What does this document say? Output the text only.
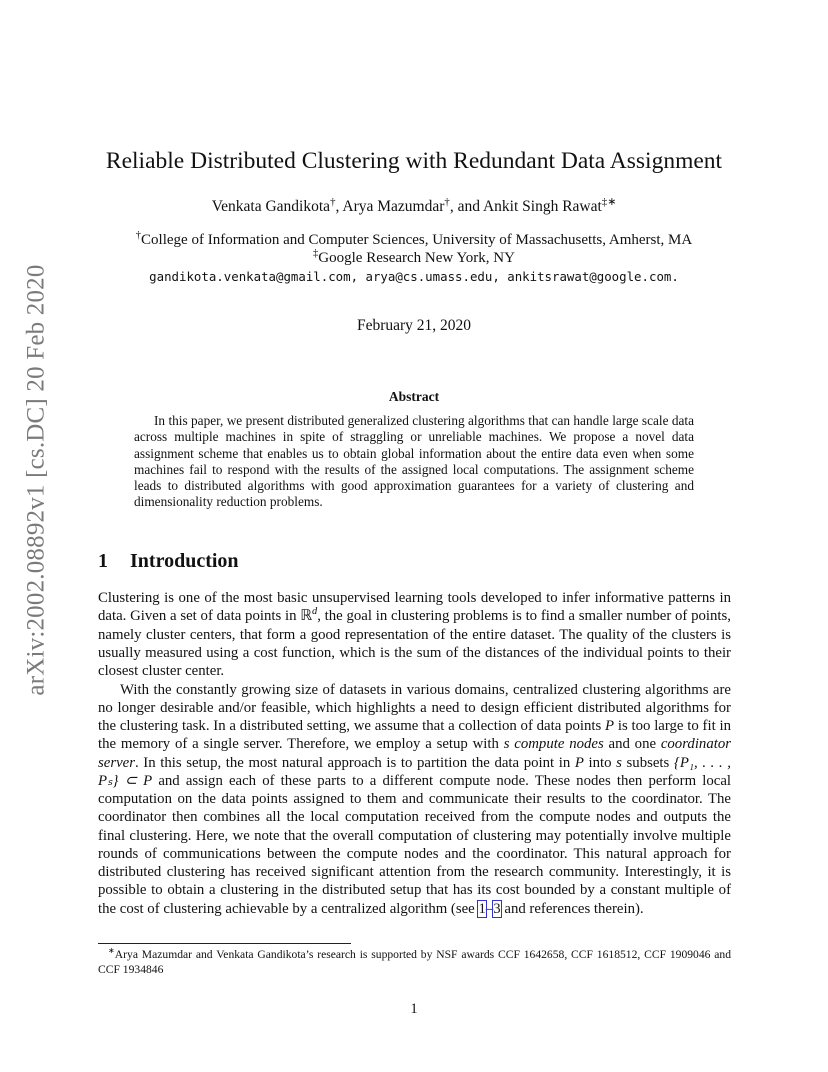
arXiv:2002.08892v1 [cs.DC] 20 Feb 2020
Reliable Distributed Clustering with Redundant Data Assignment
Venkata Gandikota†, Arya Mazumdar†, and Ankit Singh Rawat‡∗
†College of Information and Computer Sciences, University of Massachusetts, Amherst, MA
‡Google Research New York, NY
gandikota.venkata@gmail.com, arya@cs.umass.edu, ankitsrawat@google.com.
February 21, 2020
Abstract
In this paper, we present distributed generalized clustering algorithms that can handle large scale data across multiple machines in spite of straggling or unreliable machines. We propose a novel data assignment scheme that enables us to obtain global information about the entire data even when some machines fail to respond with the results of the assigned local computations. The assignment scheme leads to distributed algorithms with good approximation guarantees for a variety of clustering and dimensionality reduction problems.
1 Introduction
Clustering is one of the most basic unsupervised learning tools developed to infer informative patterns in data. Given a set of data points in ℝ$^d$, the goal in clustering problems is to find a smaller number of points, namely cluster centers, that form a good representation of the entire dataset. The quality of the clusters is usually measured using a cost function, which is the sum of the distances of the individual points to their closest cluster center.
With the constantly growing size of datasets in various domains, centralized clustering algorithms are no longer desirable and/or feasible, which highlights a need to design efficient distributed algorithms for the clustering task. In a distributed setting, we assume that a collection of data points P is too large to fit in the memory of a single server. Therefore, we employ a setup with s compute nodes and one coordinator server. In this setup, the most natural approach is to partition the data point in P into s subsets {P₁, . . . , Pₛ} ⊂ P and assign each of these parts to a different compute node. These nodes then perform local computation on the data points assigned to them and communicate their results to the coordinator. The coordinator then combines all the local computation received from the compute nodes and outputs the final clustering. Here, we note that the overall computation of clustering may potentially involve multiple rounds of communications between the compute nodes and the coordinator. This natural approach for distributed clustering has received significant attention from the research community. Interestingly, it is possible to obtain a clustering in the distributed setup that has its cost bounded by a constant multiple of the cost of clustering achievable by a centralized algorithm (see 1–3 and references therein).
∗Arya Mazumdar and Venkata Gandikota’s research is supported by NSF awards CCF 1642658, CCF 1618512, CCF 1909046 and CCF 1934846
1
